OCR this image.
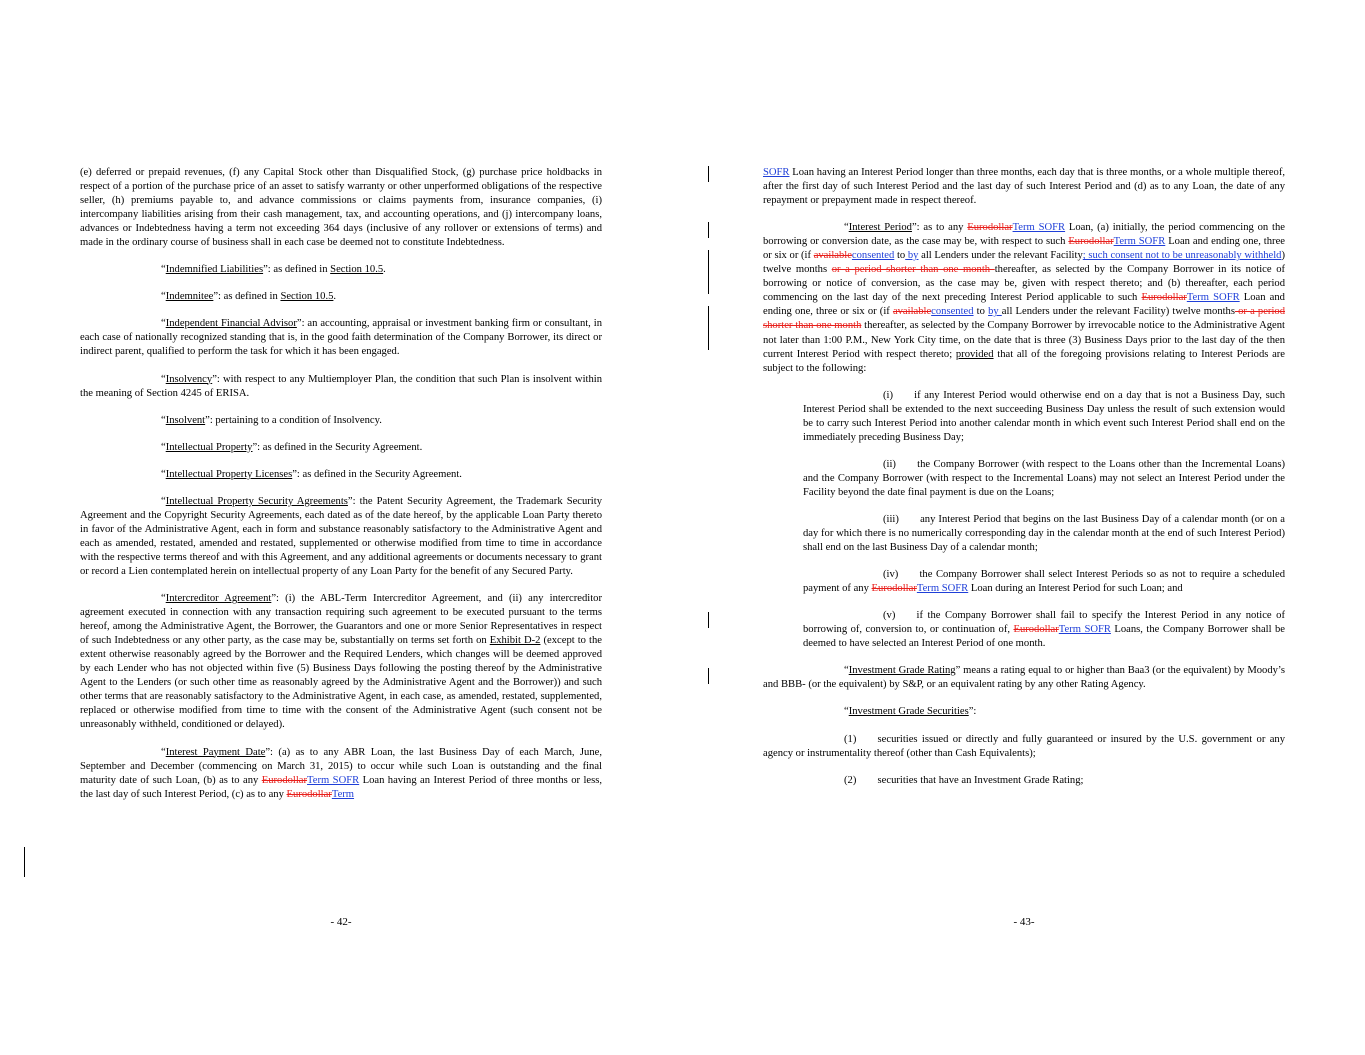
(e) deferred or prepaid revenues, (f) any Capital Stock other than Disqualified Stock, (g) purchase price holdbacks in respect of a portion of the purchase price of an asset to satisfy warranty or other unperformed obligations of the respective seller, (h) premiums payable to, and advance commissions or claims payments from, insurance companies, (i) intercompany liabilities arising from their cash management, tax, and accounting operations, and (j) intercompany loans, advances or Indebtedness having a term not exceeding 364 days (inclusive of any rollover or extensions of terms) and made in the ordinary course of business shall in each case be deemed not to constitute Indebtedness.

“Indemnified Liabilities”: as defined in Section 10.5.

“Indemnitee”: as defined in Section 10.5.

“Independent Financial Advisor”: an accounting, appraisal or investment banking firm or consultant, in each case of nationally recognized standing that is, in the good faith determination of the Company Borrower, its direct or indirect parent, qualified to perform the task for which it has been engaged.

“Insolvency”: with respect to any Multiemployer Plan, the condition that such Plan is insolvent within the meaning of Section 4245 of ERISA.

“Insolvent”: pertaining to a condition of Insolvency.

“Intellectual Property”: as defined in the Security Agreement.

“Intellectual Property Licenses”: as defined in the Security Agreement.

“Intellectual Property Security Agreements”: the Patent Security Agreement, the Trademark Security Agreement and the Copyright Security Agreements, each dated as of the date hereof, by the applicable Loan Party thereto in favor of the Administrative Agent, each in form and substance reasonably satisfactory to the Administrative Agent and each as amended, restated, amended and restated, supplemented or otherwise modified from time to time in accordance with the respective terms thereof and with this Agreement, and any additional agreements or documents necessary to grant or record a Lien contemplated herein on intellectual property of any Loan Party for the benefit of any Secured Party.

“Intercreditor Agreement”: (i) the ABL-Term Intercreditor Agreement, and (ii) any intercreditor agreement executed in connection with any transaction requiring such agreement to be executed pursuant to the terms hereof, among the Administrative Agent, the Borrower, the Guarantors and one or more Senior Representatives in respect of such Indebtedness or any other party, as the case may be, substantially on terms set forth on Exhibit D-2 (except to the extent otherwise reasonably agreed by the Borrower and the Required Lenders, which changes will be deemed approved by each Lender who has not objected within five (5) Business Days following the posting thereof by the Administrative Agent to the Lenders (or such other time as reasonably agreed by the Administrative Agent and the Borrower)) and such other terms that are reasonably satisfactory to the Administrative Agent, in each case, as amended, restated, supplemented, replaced or otherwise modified from time to time with the consent of the Administrative Agent (such consent not be unreasonably withheld, conditioned or delayed).

“Interest Payment Date”: (a) as to any ABR Loan, the last Business Day of each March, June, September and December (commencing on March 31, 2015) to occur while such Loan is outstanding and the final maturity date of such Loan, (b) as to any EurodollarTerm SOFR Loan having an Interest Period of three months or less, the last day of such Interest Period, (c) as to any EurodollarTerm

SOFR Loan having an Interest Period longer than three months, each day that is three months, or a whole multiple thereof, after the first day of such Interest Period and the last day of such Interest Period and (d) as to any Loan, the date of any repayment or prepayment made in respect thereof.

“Interest Period”: as to any EurodollarTerm SOFR Loan, (a) initially, the period commencing on the borrowing or conversion date, as the case may be, with respect to such EurodollarTerm SOFR Loan and ending one, three or six or (if availableconsented to by all Lenders under the relevant Facility; such consent not to be unreasonably withheld) twelve months or a period shorter than one month thereafter, as selected by the Company Borrower in its notice of borrowing or notice of conversion, as the case may be, given with respect thereto; and (b) thereafter, each period commencing on the last day of the next preceding Interest Period applicable to such EurodollarTerm SOFR Loan and ending one, three or six or (if availableconsented to by all Lenders under the relevant Facility) twelve months or a period shorter than one month thereafter, as selected by the Company Borrower by irrevocable notice to the Administrative Agent not later than 1:00 P.M., New York City time, on the date that is three (3) Business Days prior to the last day of the then current Interest Period with respect thereto; provided that all of the foregoing provisions relating to Interest Periods are subject to the following:

(i)  if any Interest Period would otherwise end on a day that is not a Business Day, such Interest Period shall be extended to the next succeeding Business Day unless the result of such extension would be to carry such Interest Period into another calendar month in which event such Interest Period shall end on the immediately preceding Business Day;

(ii)  the Company Borrower (with respect to the Loans other than the Incremental Loans) and the Company Borrower (with respect to the Incremental Loans) may not select an Interest Period under the Facility beyond the date final payment is due on the Loans;

(iii)  any Interest Period that begins on the last Business Day of a calendar month (or on a day for which there is no numerically corresponding day in the calendar month at the end of such Interest Period) shall end on the last Business Day of a calendar month;

(iv)  the Company Borrower shall select Interest Periods so as not to require a scheduled payment of any EurodollarTerm SOFR Loan during an Interest Period for such Loan; and

(v)  if the Company Borrower shall fail to specify the Interest Period in any notice of borrowing of, conversion to, or continuation of, EurodollarTerm SOFR Loans, the Company Borrower shall be deemed to have selected an Interest Period of one month.

“Investment Grade Rating” means a rating equal to or higher than Baa3 (or the equivalent) by Moody’s and BBB- (or the equivalent) by S&P, or an equivalent rating by any other Rating Agency.

“Investment Grade Securities”:

(1)  securities issued or directly and fully guaranteed or insured by the U.S. government or any agency or instrumentality thereof (other than Cash Equivalents);

(2)  securities that have an Investment Grade Rating;

- 42-	- 43-
